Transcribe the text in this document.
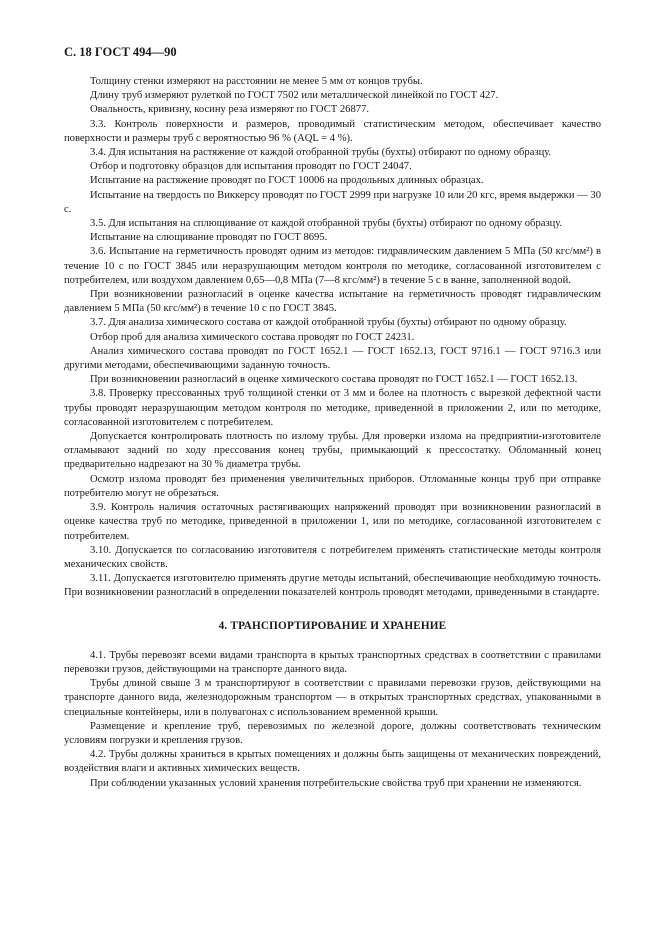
С. 18 ГОСТ 494—90

Толщину стенки измеряют на расстоянии не менее 5 мм от концов трубы.

Длину труб измеряют рулеткой по ГОСТ 7502 или металлической линейкой по ГОСТ 427.

Овальность, кривизну, косину реза измеряют по ГОСТ 26877.

3.3. Контроль поверхности и размеров, проводимый статистическим методом, обеспечивает качество поверхности и размеры труб с вероятностью 96 % (AQL = 4 %).

3.4. Для испытания на растяжение от каждой отобранной трубы (бухты) отбирают по одному образцу.

Отбор и подготовку образцов для испытания проводят по ГОСТ 24047.

Испытание на растяжение проводят по ГОСТ 10006 на продольных длинных образцах.

Испытание на твердость по Виккерсу проводят по ГОСТ 2999 при нагрузке 10 или 20 кгс, время выдержки — 30 с.

3.5. Для испытания на сплющивание от каждой отобранной трубы (бухты) отбирают по одному образцу.

Испытание на слющивание проводят по ГОСТ 8695.

3.6. Испытание на герметичность проводят одним из методов: гидравлическим давлением 5 МПа (50 кгс/мм²) в течение 10 с по ГОСТ 3845 или неразрушающим методом контроля по методике, согласованной изготовителем с потребителем, или воздухом давлением 0,65—0,8 МПа (7—8 кгс/мм²) в течение 5 с в ванне, заполненной водой.

При возникновении разногласий в оценке качества испытание на герметичность проводят гидравлическим давлением 5 МПа (50 кгс/мм²) в течение 10 с по ГОСТ 3845.

3.7. Для анализа химического состава от каждой отобранной трубы (бухты) отбирают по одному образцу.

Отбор проб для анализа химического состава проводят по ГОСТ 24231.

Анализ химического состава проводят по ГОСТ 1652.1 — ГОСТ 1652.13, ГОСТ 9716.1 — ГОСТ 9716.3 или другими методами, обеспечивающими заданную точность.

При возникновении разногласий в оценке химического состава проводят по ГОСТ 1652.1 — ГОСТ 1652.13.

3.8. Проверку прессованных труб толщиной стенки от 3 мм и более на плотность с вырезкой дефектной части трубы проводят неразрушающим методом контроля по методике, приведенной в приложении 2, или по методике, согласованной изготовителем с потребителем.

Допускается контролировать плотность по излому трубы. Для проверки излома на предприятии-изготовителе отламывают задний по ходу прессования конец трубы, примыкающий к прессостатку. Обломанный конец предварительно надрезают на 30 % диаметра трубы.

Осмотр излома проводят без применения увеличительных приборов. Отломанные концы труб при отправке потребителю могут не обрезаться.

3.9. Контроль наличия остаточных растягивающих напряжений проводят при возникновении разногласий в оценке качества труб по методике, приведенной в приложении 1, или по методике, согласованной изготовителем с потребителем.

3.10. Допускается по согласованию изготовителя с потребителем применять статистические методы контроля механических свойств.

3.11. Допускается изготовителю применять другие методы испытаний, обеспечивающие необходимую точность. При возникновении разногласий в определении показателей контроль проводят методами, приведенными в стандарте.

4. ТРАНСПОРТИРОВАНИЕ И ХРАНЕНИЕ

4.1. Трубы перевозят всеми видами транспорта в крытых транспортных средствах в соответствии с правилами перевозки грузов, действующими на транспорте данного вида.

Трубы длиной свыше 3 м транспортируют в соответствии с правилами перевозки грузов, действующими на транспорте данного вида, железнодорожным транспортом — в открытых транспортных средствах, упакованными в специальные контейнеры, или в полувагонах с использованием временной крыши.

Размещение и крепление труб, перевозимых по железной дороге, должны соответствовать техническим условиям погрузки и крепления грузов.

4.2. Трубы должны храниться в крытых помещениях и должны быть защищены от механических повреждений, воздействия влаги и активных химических веществ.

При соблюдении указанных условий хранения потребительские свойства труб при хранении не изменяются.
